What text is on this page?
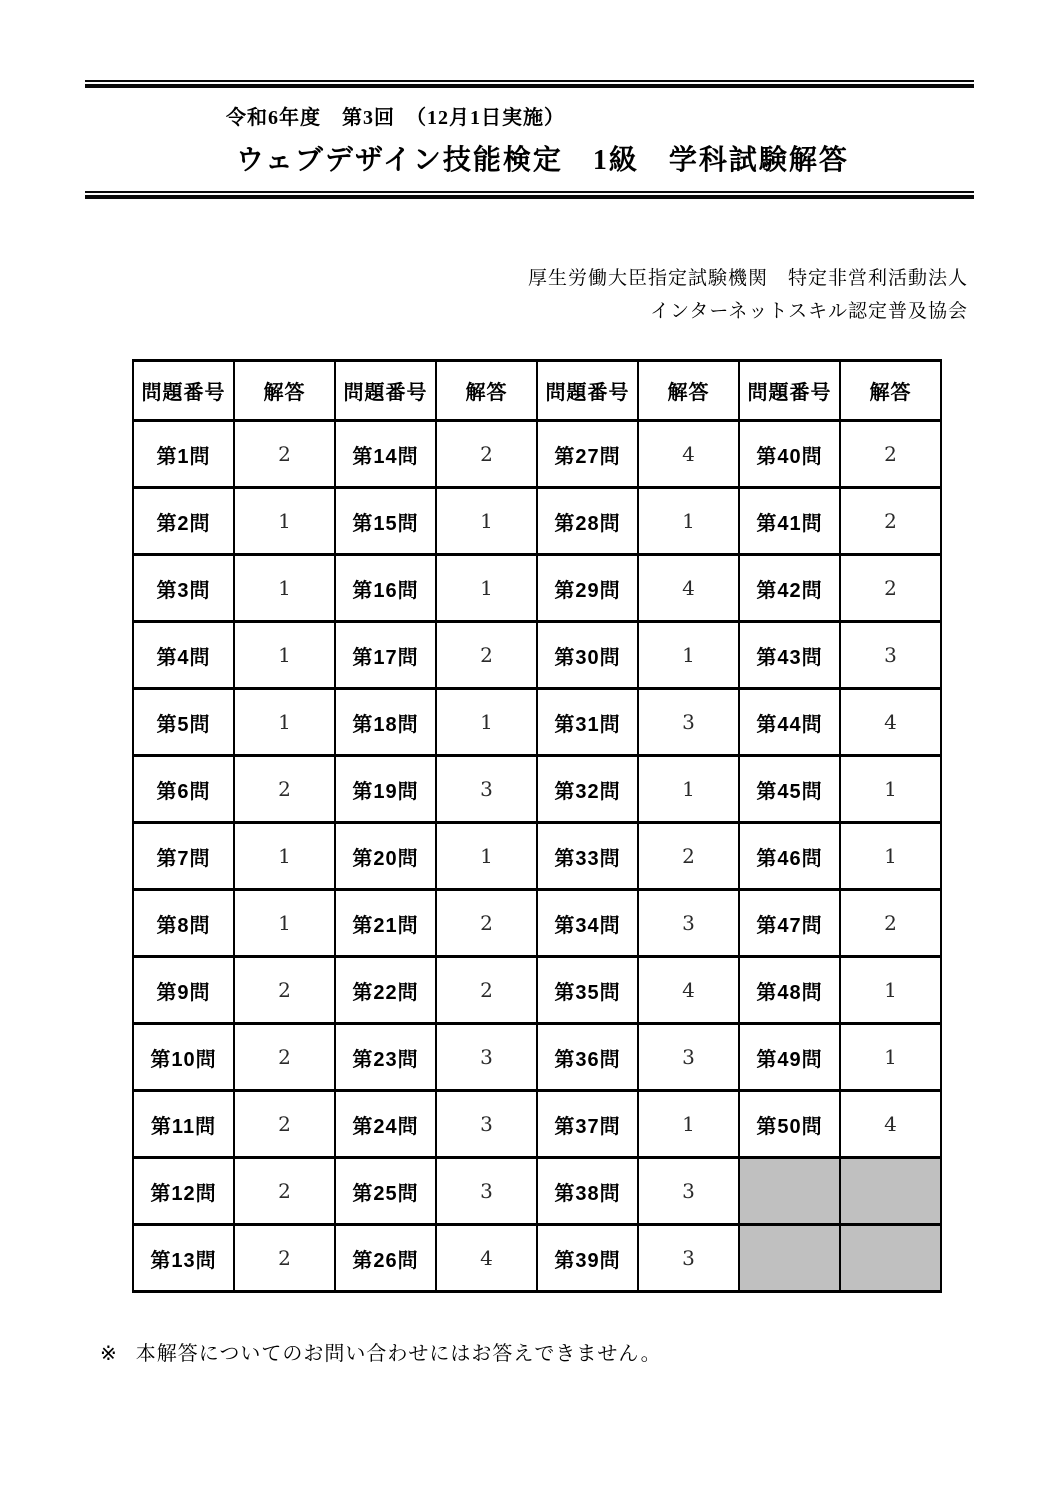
令和6年度　第3回　（12月1日実施）
ウェブデザイン技能検定　1級　学科試験解答
厚生労働大臣指定試験機関　特定非営利活動法人
インターネットスキル認定普及協会
問題番号	解答	問題番号	解答	問題番号	解答	問題番号	解答
第1問	2	第14問	2	第27問	4	第40問	2
第2問	1	第15問	1	第28問	1	第41問	2
第3問	1	第16問	1	第29問	4	第42問	2
第4問	1	第17問	2	第30問	1	第43問	3
第5問	1	第18問	1	第31問	3	第44問	4
第6問	2	第19問	3	第32問	1	第45問	1
第7問	1	第20問	1	第33問	2	第46問	1
第8問	1	第21問	2	第34問	3	第47問	2
第9問	2	第22問	2	第35問	4	第48問	1
第10問	2	第23問	3	第36問	3	第49問	1
第11問	2	第24問	3	第37問	1	第50問	4
第12問	2	第25問	3	第38問	3		
第13問	2	第26問	4	第39問	3		
※ 本解答についてのお問い合わせにはお答えできません。
